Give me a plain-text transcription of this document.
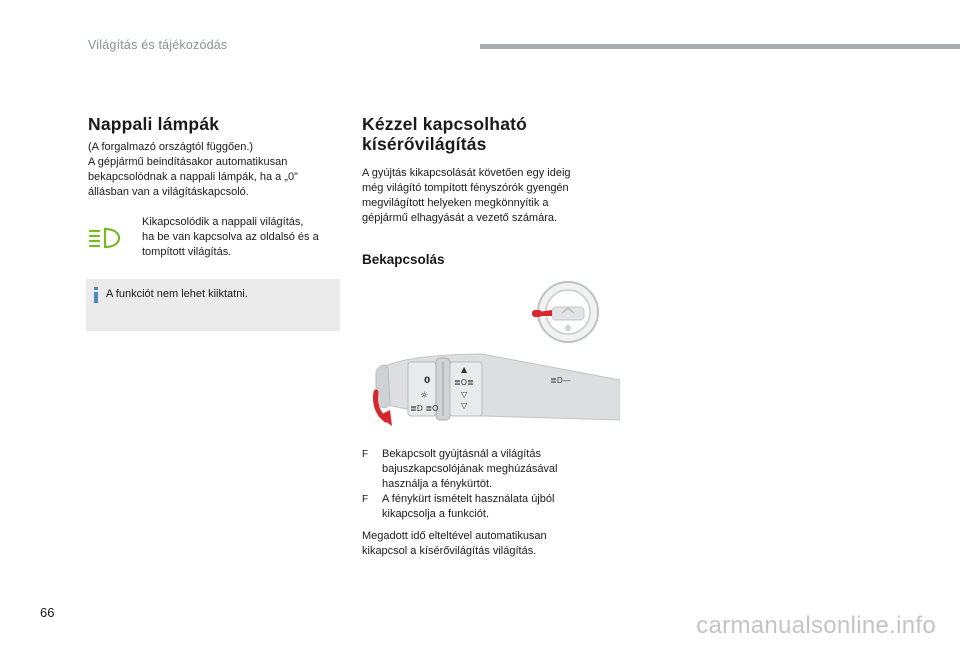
Világítás és tájékozódás
Nappali lámpák
(A forgalmazó országtól függően.)
A gépjármű beindításakor automatikusan
bekapcsolódnak a nappali lámpák, ha a „0”
állásban van a világításkapcsoló.
Kikapcsolódik a nappali világítás,
ha be van kapcsolva az oldalsó és a
tompított világítás.
A funkciót nem lehet kiiktatni.
Kézzel kapcsolható
kísérővilágítás
A gyújtás kikapcsolását követően egy ideig
még világító tompított fényszórók gyengén
megvilágított helyeken megkönnyítik a
gépjármű elhagyását a vezető számára.
Bekapcsolás
0
☼
≣D ≣O
▲
≣O≣
▽
▽
≣D—
F	Bekapcsolt gyújtásnál a világítás
bajuszkapcsolójának meghúzásával
használja a fénykürtöt.
F	A fénykürt ismételt használata újból
kikapcsolja a funkciót.
Megadott idő elteltével automatikusan
kikapcsol a kísérővilágítás világítás.
66	carmanualsonline.info
